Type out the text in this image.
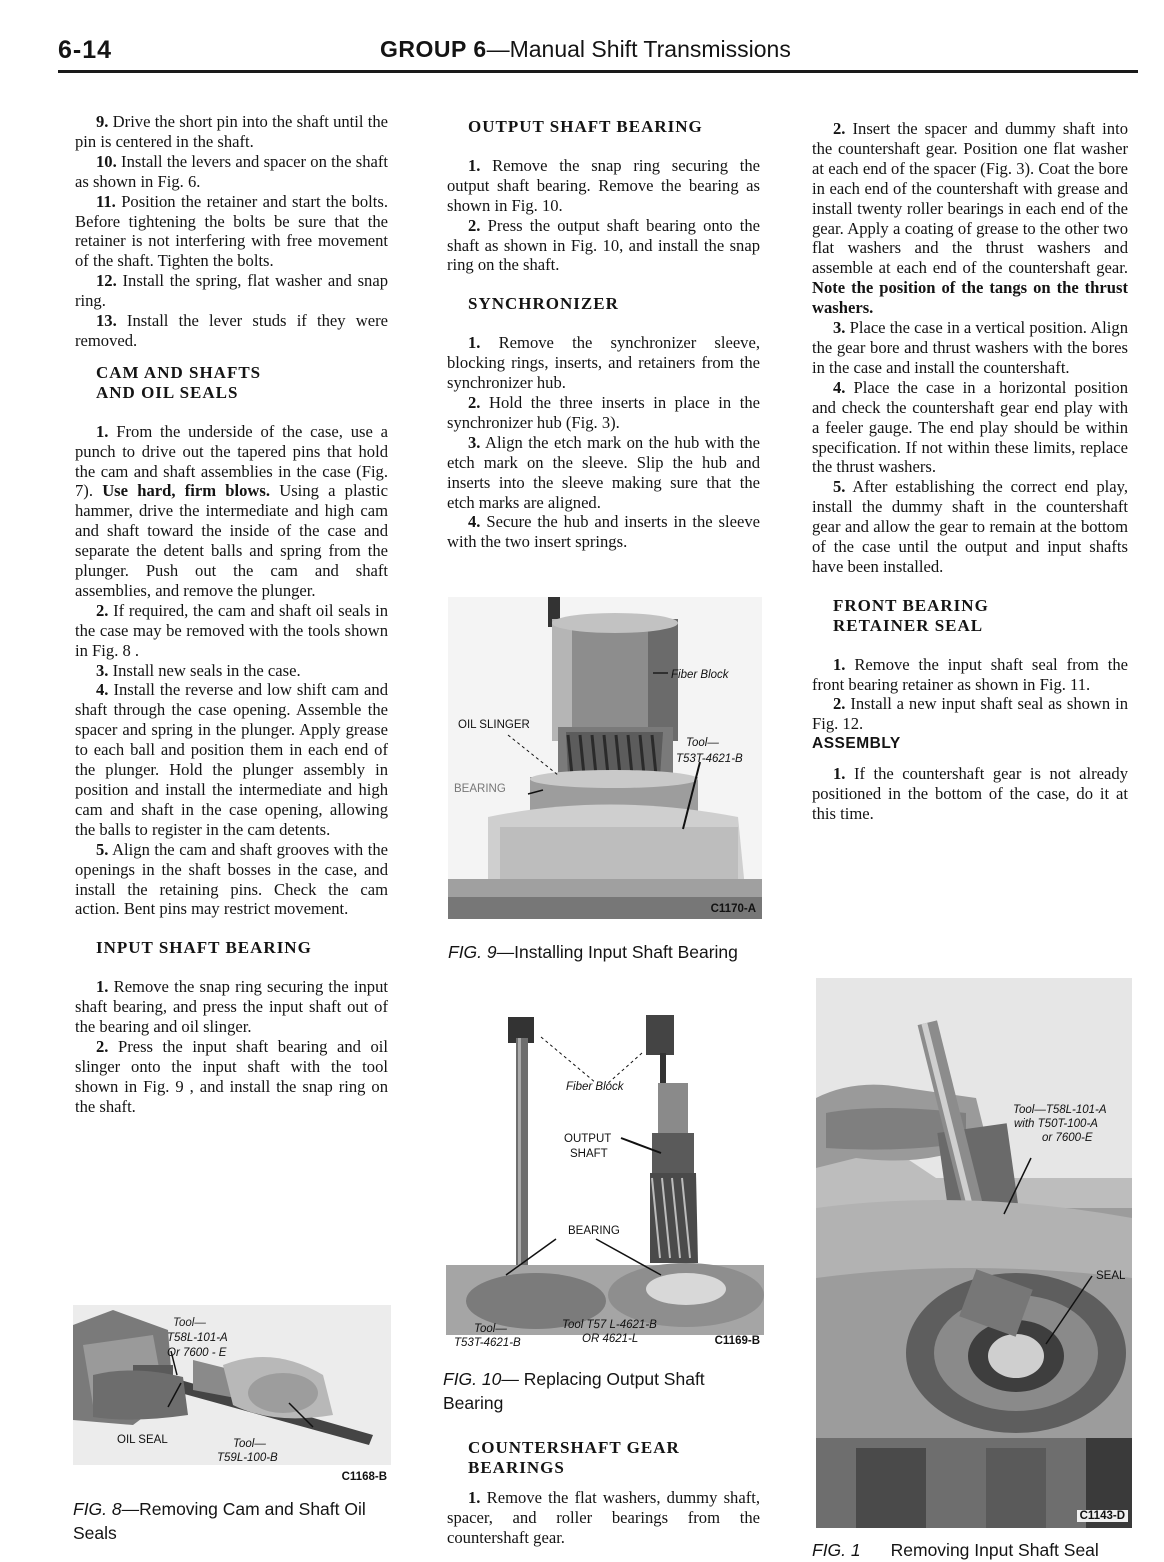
6-14	GROUP 6—Manual Shift Transmissions

9. Drive the short pin into the shaft until the pin is centered in the shaft.

10. Install the levers and spacer on the shaft as shown in Fig. 6.

11. Position the retainer and start the bolts. Before tightening the bolts be sure that the retainer is not interfering with free movement of the shaft. Tighten the bolts.

12. Install the spring, flat washer and snap ring.

13. Install the lever studs if they were removed.

CAM AND SHAFTS

AND OIL SEALS

1. From the underside of the case, use a punch to drive out the tapered pins that hold the cam and shaft assemblies in the case (Fig. 7). Use hard, firm blows. Using a plastic hammer, drive the intermediate and high cam and shaft toward the inside of the case and separate the detent balls and spring from the plunger. Push out the cam and shaft assemblies, and remove the plunger.

2. If required, the cam and shaft oil seals in the case may be removed with the tools shown in Fig. 8 .

3. Install new seals in the case.

4. Install the reverse and low shift cam and shaft through the case opening. Assemble the spacer and spring in the plunger. Apply grease to each ball and position them in each end of the plunger. Hold the plunger assembly in position and install the intermediate and high cam and shaft in the case opening, allowing the balls to register in the cam detents.

5. Align the cam and shaft grooves with the openings in the shaft bosses in the case, and install the retaining pins. Check the cam action. Bent pins may restrict movement.

INPUT SHAFT BEARING

1. Remove the snap ring securing the input shaft bearing, and press the input shaft out of the bearing and oil slinger.

2. Press the input shaft bearing and oil slinger onto the input shaft with the tool shown in Fig. 9 , and install the snap ring on the shaft.

Tool—
T58L-101-A
Or 7600 - E
OIL SEAL	Tool—
T59L-100-B
C1168-B

FIG. 8—Removing Cam and Shaft Oil Seals

OUTPUT SHAFT BEARING

1. Remove the snap ring securing the output shaft bearing. Remove the bearing as shown in Fig. 10.

2. Press the output shaft bearing onto the shaft as shown in Fig. 10, and install the snap ring on the shaft.

SYNCHRONIZER

1. Remove the synchronizer sleeve, blocking rings, inserts, and retainers from the synchronizer hub.

2. Hold the three inserts in place in the synchronizer hub (Fig. 3).

3. Align the etch mark on the hub with the etch mark on the sleeve. Slip the hub and inserts into the sleeve making sure that the etch marks are aligned.

4. Secure the hub and inserts in the sleeve with the two insert springs.

Fiber Block
OIL SLINGER
Tool—
T53T-4621-B
BEARING
C1170-A

FIG. 9—Installing Input Shaft Bearing

Fiber Block
OUTPUT
SHAFT
BEARING
Tool—
T53T-4621-B
Tool T57 L-4621-B
OR 4621-L	C1169-B

FIG. 10— Replacing Output Shaft Bearing

COUNTERSHAFT GEAR

BEARINGS

1. Remove the flat washers, dummy shaft, spacer, and roller bearings from the countershaft gear.

2. Insert the spacer and dummy shaft into the countershaft gear. Position one flat washer at each end of the spacer (Fig. 3). Coat the bore in each end of the countershaft with grease and install twenty roller bearings in each end of the gear. Apply a coating of grease to the other two flat washers and the thrust washers and assemble at each end of the countershaft gear. Note the position of the tangs on the thrust washers.

3. Place the case in a vertical position. Align the gear bore and thrust washers with the bores in the case and install the countershaft.

4. Place the case in a horizontal position and check the countershaft gear end play with a feeler gauge. The end play should be within specification. If not within these limits, replace the thrust washers.

5. After establishing the correct end play, install the dummy shaft in the countershaft gear and allow the gear to remain at the bottom of the case until the output and input shafts have been installed.

FRONT BEARING

RETAINER SEAL

1. Remove the input shaft seal from the front bearing retainer as shown in Fig. 11.

2. Install a new input shaft seal as shown in Fig. 12.

ASSEMBLY

1. If the countershaft gear is not already positioned in the bottom of the case, do it at this time.

Tool—T58L-101-A
with T50T-100-A
or 7600-E
SEAL
C1143-D

FIG. 1 Removing Input Shaft Seal
